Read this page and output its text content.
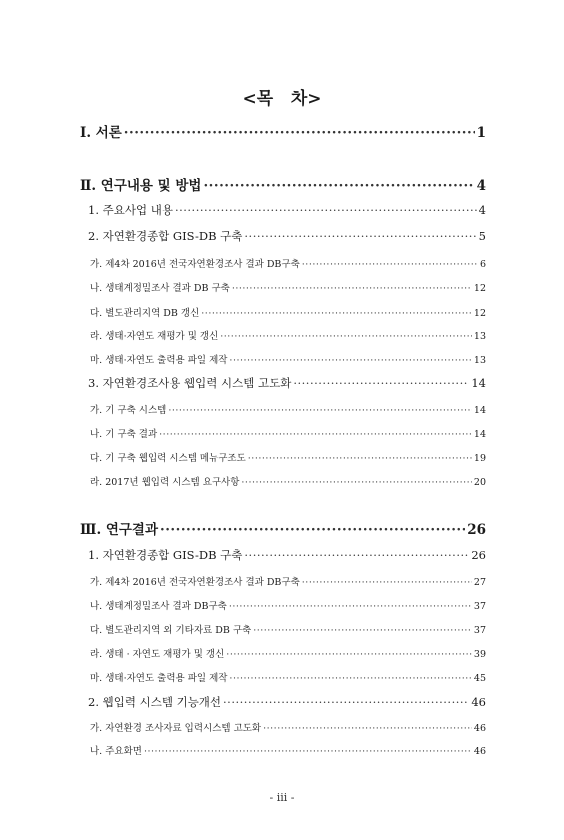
<목   차>
Ⅰ. 서론 ·····	1
Ⅱ. 연구내용 및 방법 ·····	4
1. 주요사업 내용 ·····	4
2. 자연환경종합 GIS-DB 구축 ·····	5
가. 제4차 2016년 전국자연환경조사 결과 DB구축 ·····	6
나. 생태계정밀조사 결과 DB 구축 ·····	12
다. 별도관리지역 DB 갱신 ·····	12
라. 생태·자연도 재평가 및 갱신 ·····	13
마. 생태·자연도 출력용 파일 제작 ·····	13
3. 자연환경조사용 웹입력 시스템 고도화 ·····	14
가. 기 구축 시스템 ·····	14
나. 기 구축 결과 ·····	14
다. 기 구축 웹입력 시스템 메뉴구조도 ·····	19
라. 2017년 웹입력 시스템 요구사항 ·····	20
Ⅲ. 연구결과 ·····	26
1. 자연환경종합 GIS-DB 구축 ·····	26
가. 제4차 2016년 전국자연환경조사 결과 DB구축 ·····	27
나. 생태계정밀조사 결과 DB구축 ·····	37
다. 별도관리지역 외 기타자료 DB 구축 ·····	37
라. 생태 · 자연도 재평가 및 갱신 ·····	39
마. 생태·자연도 출력용 파일 제작 ·····	45
2. 웹입력 시스템 기능개선 ·····	46
가. 자연환경 조사자료 입력시스템 고도화 ·····	46
나. 주요화면 ·····	46
- iii -
